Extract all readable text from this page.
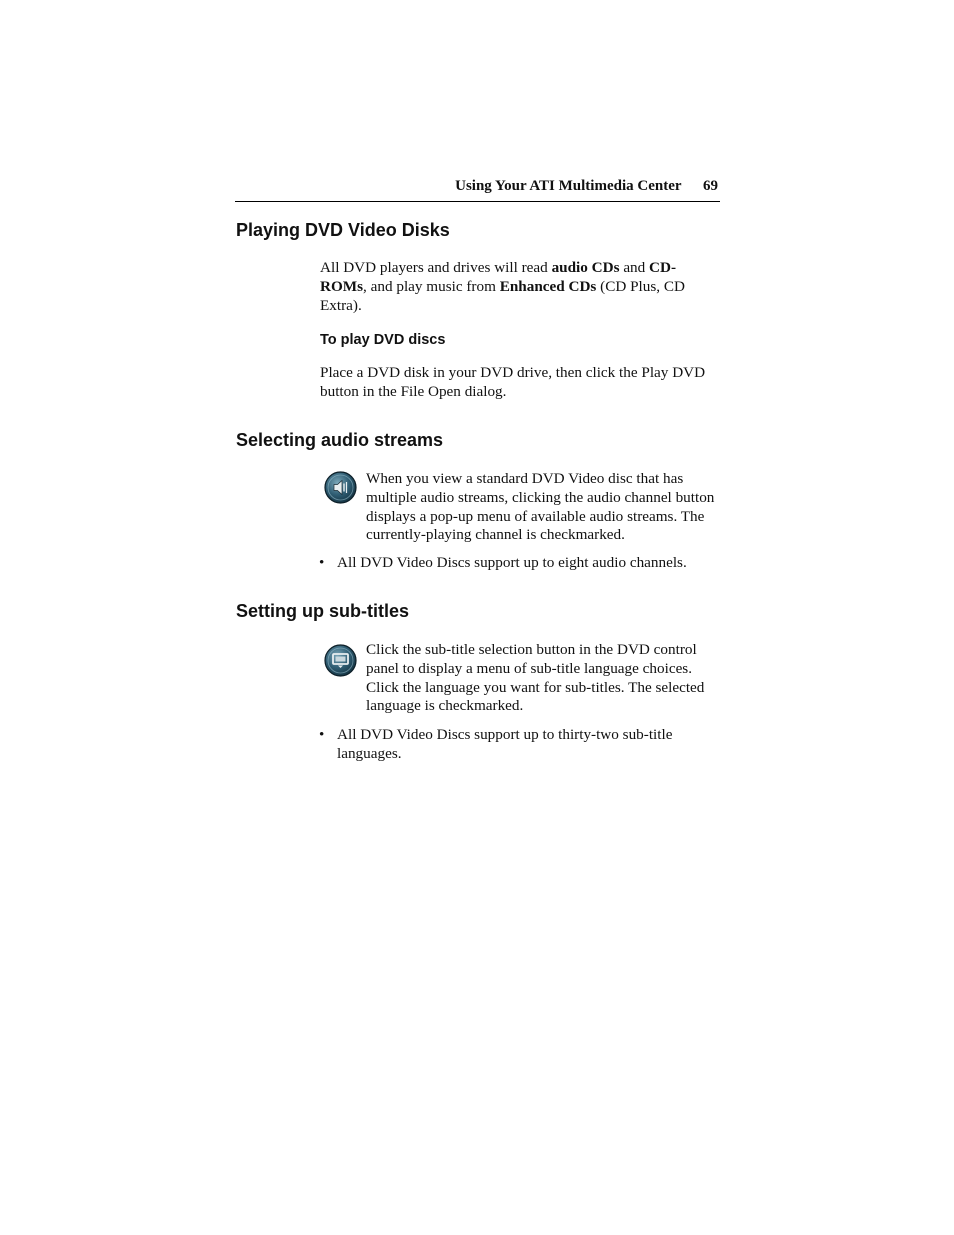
Using Your ATI Multimedia Center 69
Playing DVD Video Disks

All DVD players and drives will read audio CDs and CD-ROMs, and play music from Enhanced CDs (CD Plus, CD Extra).

To play DVD discs

Place a DVD disk in your DVD drive, then click the Play DVD button in the File Open dialog.

Selecting audio streams

When you view a standard DVD Video disc that has multiple audio streams, clicking the audio channel button displays a pop-up menu of available audio streams. The currently-playing channel is checkmarked.

• All DVD Video Discs support up to eight audio channels.
Setting up sub-titles

Click the sub-title selection button in the DVD control panel to display a menu of sub-title language choices. Click the language you want for sub-titles. The selected language is checkmarked.

• All DVD Video Discs support up to thirty-two sub-title languages.
